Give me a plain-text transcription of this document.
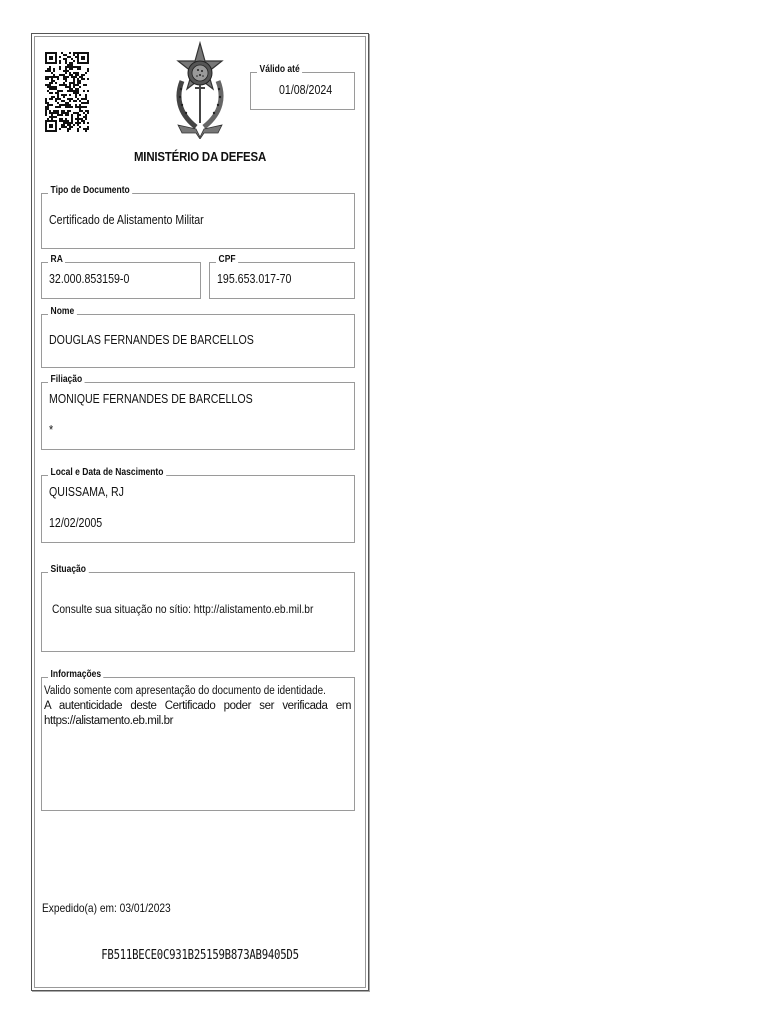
Válido até
01/08/2024
MINISTÉRIO DA DEFESA
Tipo de Documento
Certificado de Alistamento Militar
RA
32.000.853159-0
CPF
195.653.017-70
Nome
DOUGLAS FERNANDES DE BARCELLOS
Filiação
MONIQUE FERNANDES DE BARCELLOS
*
Local e Data de Nascimento
QUISSAMA, RJ
12/02/2005
Situação
Consulte sua situação no sítio: http://alistamento.eb.mil.br
Informações
Valido somente com apresentação do documento de identidade.
A autenticidade deste Certificado poder ser verificada em https://alistamento.eb.mil.br
Expedido(a) em: 03/01/2023
FB511BECE0C931B25159B873AB9405D5
